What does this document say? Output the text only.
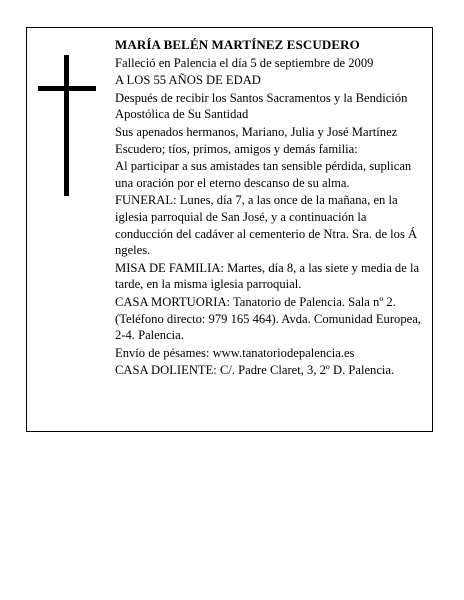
MARÍA BELÉN MARTÍNEZ ESCUDERO
Falleció en Palencia el día 5 de septiembre de 2009
A LOS 55 AÑOS DE EDAD
Después de recibir los Santos Sacramentos y la Bendición Apostólica de Su Santidad
Sus apenados hermanos, Mariano, Julia y José Martínez Escudero; tíos, primos, amigos y demás familia:
Al participar a sus amistades tan sensible pérdida, suplican una oración por el eterno descanso de su alma.
FUNERAL: Lunes, día 7, a las once de la mañana, en la iglesia parroquial de San José, y a continuación la conducción del cadáver al cementerio de Ntra. Sra. de los Á ngeles.
MISA DE FAMILIA: Martes, día 8, a las siete y media de la tarde, en la misma iglesia parroquial.
CASA MORTUORIA: Tanatorio de Palencia. Sala nº 2. (Teléfono directo: 979 165 464). Avda. Comunidad Europea, 2-4. Palencia.
Envío de pésames: www.tanatoriodepalencia.es
CASA DOLIENTE: C/. Padre Claret, 3, 2º D. Palencia.
